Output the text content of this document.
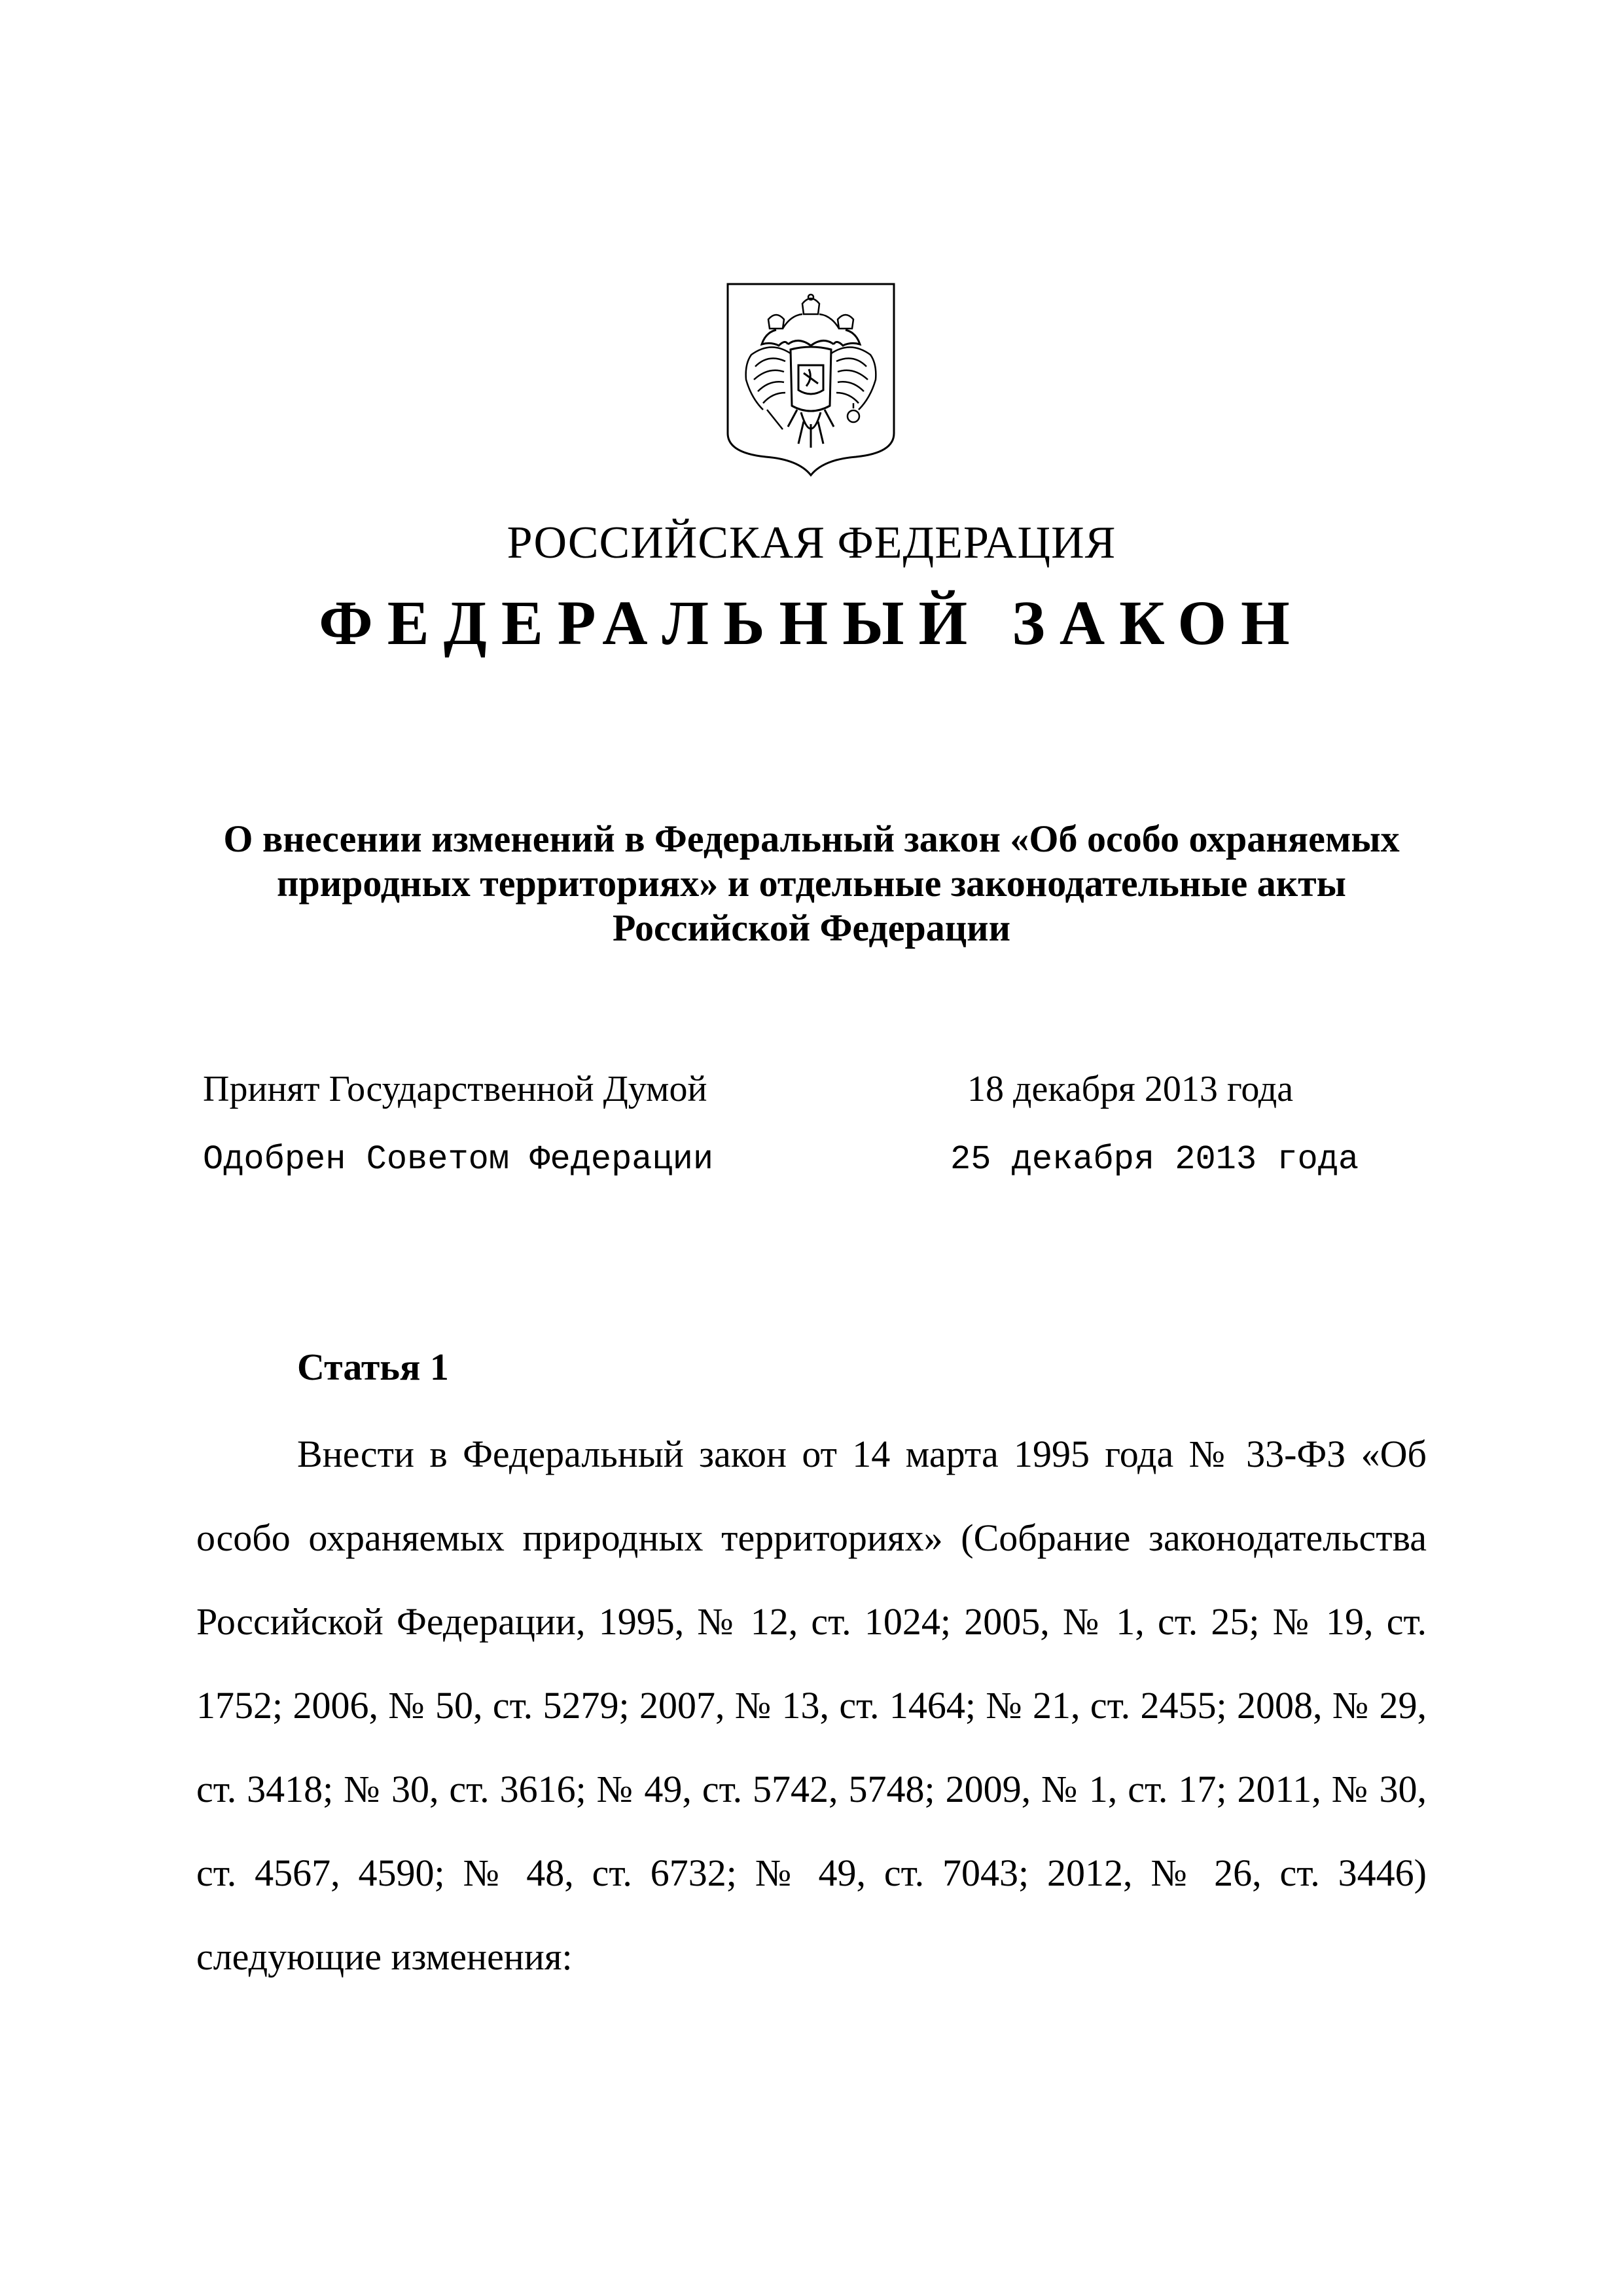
РОССИЙСКАЯ ФЕДЕРАЦИЯ
ФЕДЕРАЛЬНЫЙ ЗАКОН
О внесении изменений в Федеральный закон «Об особо охраняемых
природных территориях» и отдельные законодательные акты
Российской Федерации
Принят Государственной Думой	18 декабря 2013 года
Одобрен Советом Федерации	25 декабря 2013 года
Статья 1

Внести в Федеральный закон от 14 марта 1995 года № 33-ФЗ «Об особо охраняемых природных территориях» (Собрание законодательства Российской Федерации, 1995, № 12, ст. 1024; 2005, № 1, ст. 25; № 19, ст. 1752; 2006, № 50, ст. 5279; 2007, № 13, ст. 1464; № 21, ст. 2455; 2008, № 29, ст. 3418; № 30, ст. 3616; № 49, ст. 5742, 5748; 2009, № 1, ст. 17; 2011, № 30, ст. 4567, 4590; № 48, ст. 6732; № 49, ст. 7043; 2012, № 26, ст. 3446) следующие изменения:
